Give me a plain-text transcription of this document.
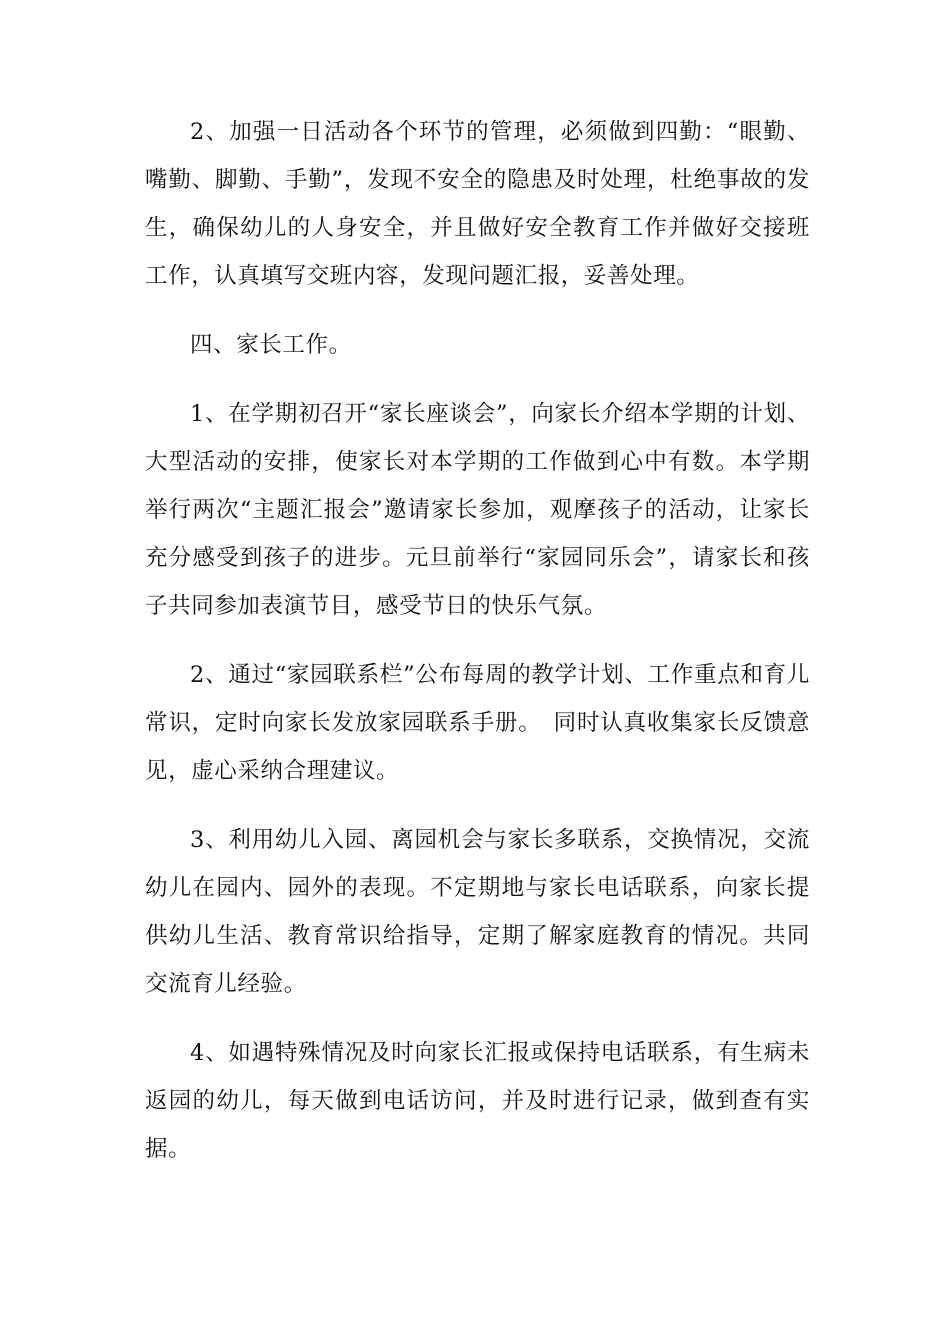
2、加强一日活动各个环节的管理，必须做到四勤：“眼勤、嘴勤、脚勤、手勤”，发现不安全的隐患及时处理，杜绝事故的发生，确保幼儿的人身安全，并且做好安全教育工作并做好交接班工作，认真填写交班内容，发现问题汇报，妥善处理。

四、家长工作。

1、在学期初召开“家长座谈会”，向家长介绍本学期的计划、大型活动的安排，使家长对本学期的工作做到心中有数。本学期举行两次“主题汇报会”邀请家长参加，观摩孩子的活动，让家长充分感受到孩子的进步。元旦前举行“家园同乐会”，请家长和孩子共同参加表演节目，感受节日的快乐气氛。

2、通过“家园联系栏”公布每周的教学计划、工作重点和育儿常识，定时向家长发放家园联系手册。　同时认真收集家长反馈意见，虚心采纳合理建议。

3、利用幼儿入园、离园机会与家长多联系，交换情况，交流幼儿在园内、园外的表现。不定期地与家长电话联系，向家长提供幼儿生活、教育常识给指导，定期了解家庭教育的情况。共同交流育儿经验。

4、如遇特殊情况及时向家长汇报或保持电话联系，有生病未返园的幼儿，每天做到电话访问，并及时进行记录，做到查有实据。
